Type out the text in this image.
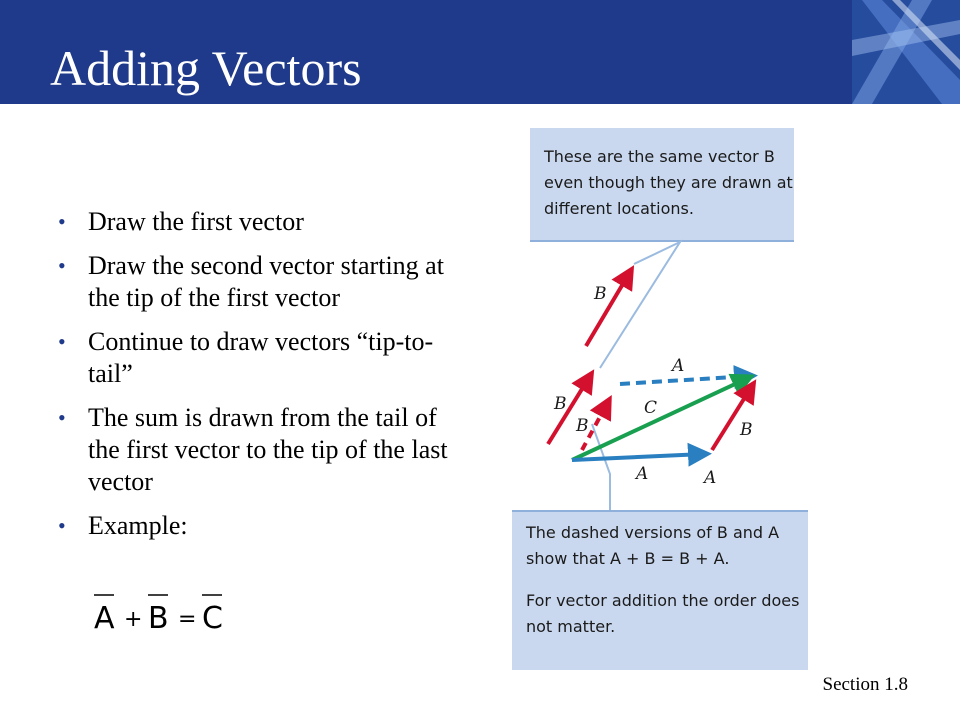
Adding Vectors
• Draw the first vector
• Draw the second vector starting at the tip of the first vector
• Continue to draw vectors “tip-to-tail”
• The sum is drawn from the tail of the first vector to the tip of the last vector
• Example:
A + B = C
These are the same vector B even though they are drawn at different locations.
The dashed versions of B and A show that A + B = B + A.
For vector addition the order does not matter.
B
B
B
A
C
B
A	A
Section 1.8
